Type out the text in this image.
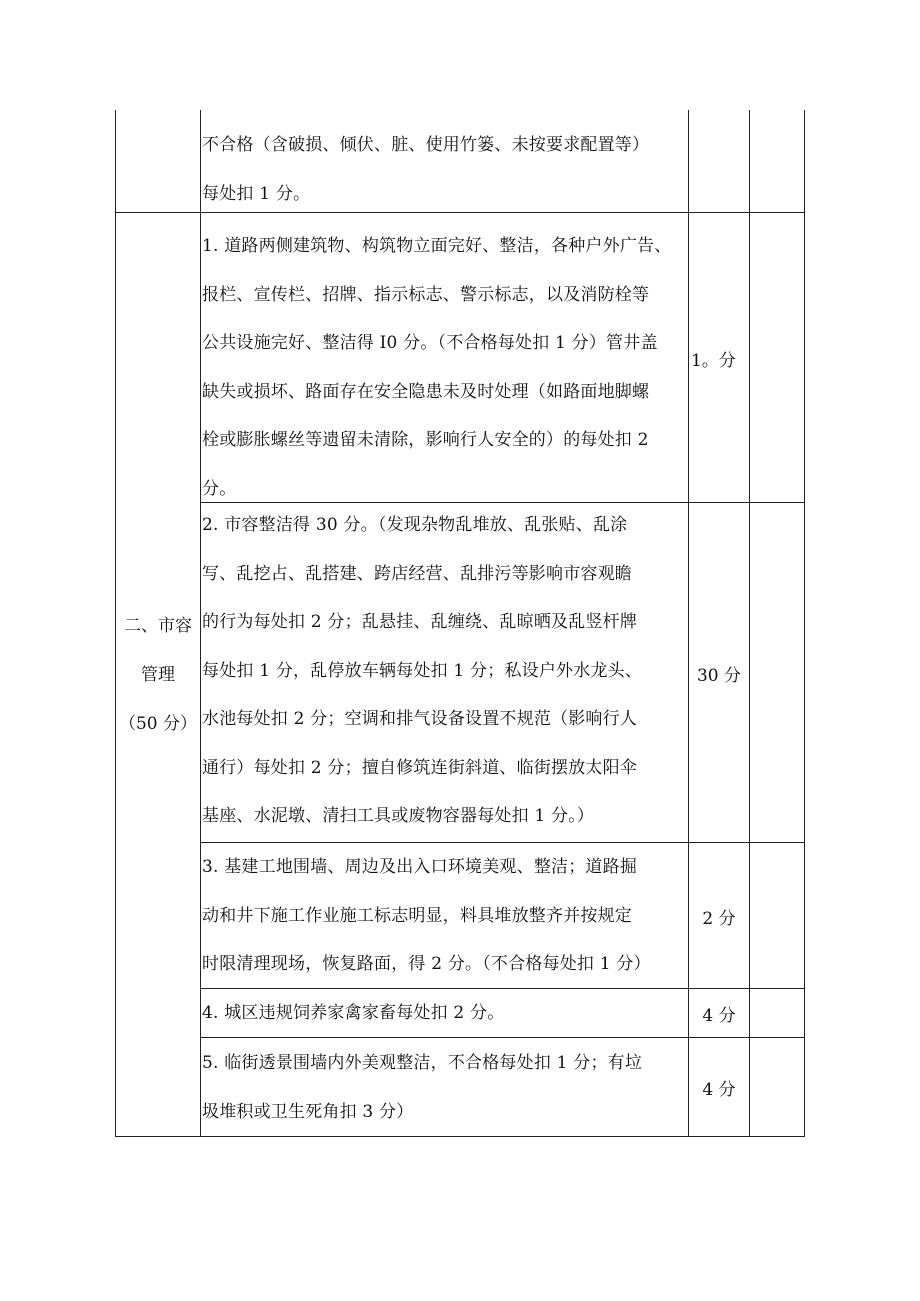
不合格（含破损、倾伏、脏、使用竹篓、未按要求配置等）
每处扣 1 分。
1. 道路两侧建筑物、构筑物立面完好、整洁，各种户外广告、
报栏、宣传栏、招牌、指示标志、警示标志，以及消防栓等
公共设施完好、整洁得 I0 分。（不合格每处扣 1 分）管井盖
缺失或损坏、路面存在安全隐患未及时处理（如路面地脚螺
栓或膨胀螺丝等遗留未清除，影响行人安全的）的每处扣 2
分。
1。分
2. 市容整洁得 30 分。（发现杂物乱堆放、乱张贴、乱涂
写、乱挖占、乱搭建、跨店经营、乱排污等影响市容观瞻
的行为每处扣 2 分；乱悬挂、乱缠绕、乱晾晒及乱竖杆牌
每处扣 1 分，乱停放车辆每处扣 1 分；私设户外水龙头、
水池每处扣 2 分；空调和排气设备设置不规范（影响行人
通行）每处扣 2 分；擅自修筑连街斜道、临街摆放太阳伞
基座、水泥墩、清扫工具或废物容器每处扣 1 分。）
30 分
3. 基建工地围墙、周边及出入口环境美观、整洁；道路掘
动和井下施工作业施工标志明显，料具堆放整齐并按规定
时限清理现场，恢复路面，得 2 分。（不合格每处扣 1 分）
2 分
4. 城区违规饲养家禽家畜每处扣 2 分。	4 分
5. 临街透景围墙内外美观整洁，不合格每处扣 1 分；有垃
圾堆积或卫生死角扣 3 分）
4 分
二、市容
管理
（50 分）
